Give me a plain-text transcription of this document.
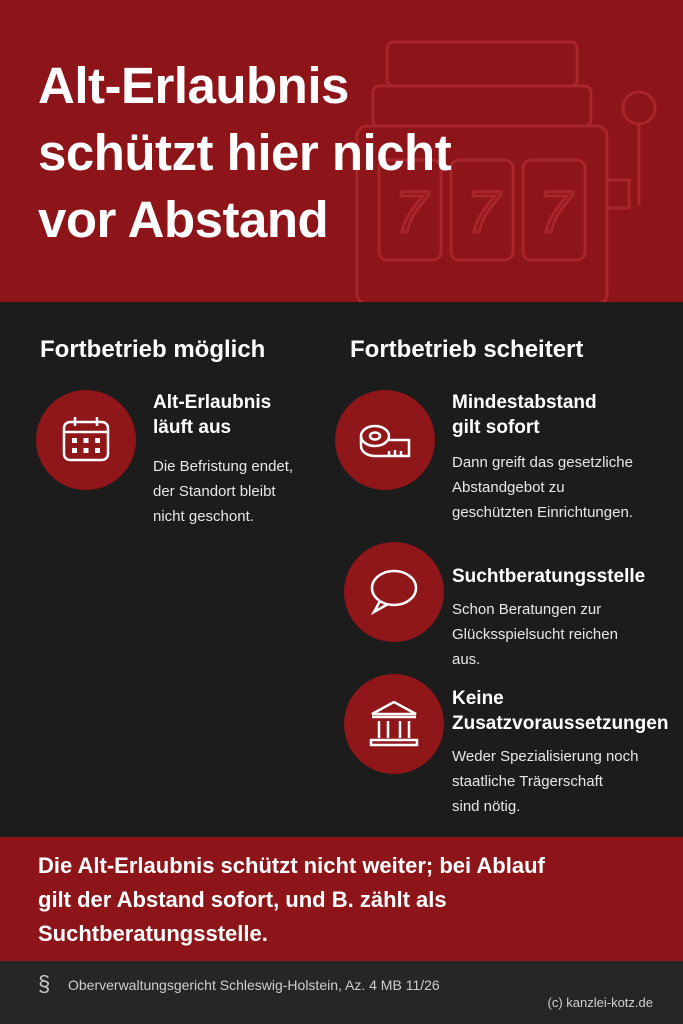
7 7 7
Alt-Erlaubnis
schützt hier nicht
vor Abstand
Fortbetrieb möglich	Fortbetrieb scheitert
Alt-Erlaubnis
läuft aus
Die Befristung endet,
der Standort bleibt
nicht geschont.
Mindestabstand
gilt sofort
Dann greift das gesetzliche
Abstandgebot zu
geschützten Einrichtungen.
Suchtberatungsstelle
Schon Beratungen zur
Glücksspielsucht reichen
aus.
Keine
Zusatzvoraussetzungen
Weder Spezialisierung noch
staatliche Trägerschaft
sind nötig.
Die Alt-Erlaubnis schützt nicht weiter; bei Ablauf
gilt der Abstand sofort, und B. zählt als
Suchtberatungsstelle.
§ Oberverwaltungsgericht Schleswig-Holstein, Az. 4 MB 11/26
(c) kanzlei-kotz.de
